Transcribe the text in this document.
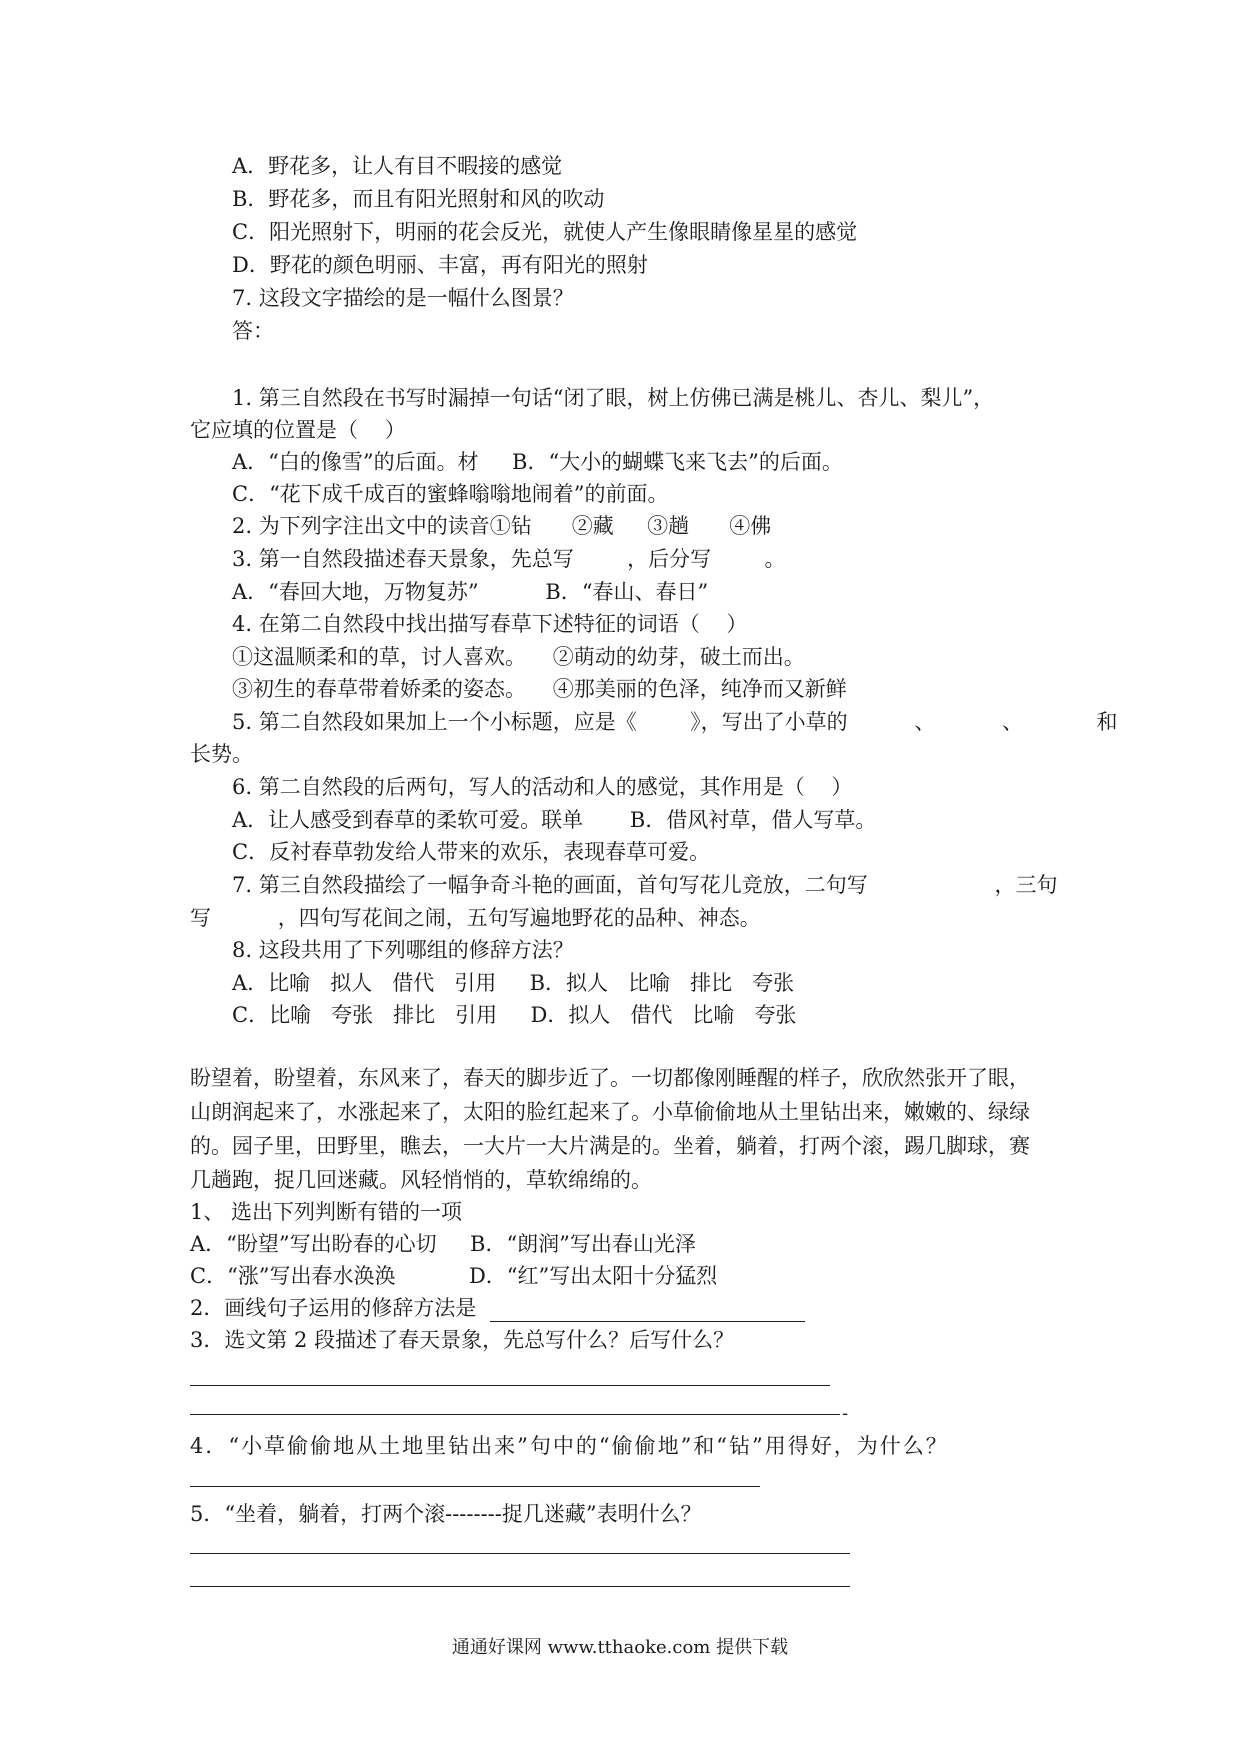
A．野花多，让人有目不暇接的感觉
B．野花多，而且有阳光照射和风的吹动
C．阳光照射下，明丽的花会反光，就使人产生像眼睛像星星的感觉
D．野花的颜色明丽、丰富，再有阳光的照射
7. 这段文字描绘的是一幅什么图景？
答：
1. 第三自然段在书写时漏掉一句话“闭了眼，树上仿佛已满是桃儿、杏儿、梨儿”，
它应填的位置是（    ）
A．“白的像雪”的后面。材     B．“大小的蝴蝶飞来飞去”的后面。
C．“花下成千成百的蜜蜂嗡嗡地闹着”的前面。
2. 为下列字注出文中的读音①钻      ②藏     ③趟      ④佛
3. 第一自然段描述春天景象，先总写        ，后分写        。
A．“春回大地，万物复苏”          B．“春山、春日”
4. 在第二自然段中找出描写春草下述特征的词语（    ）
①这温顺柔和的草，讨人喜欢。    ②萌动的幼芽，破土而出。
③初生的春草带着娇柔的姿态。    ④那美丽的色泽，纯净而又新鲜
5. 第二自然段如果加上一个小标题，应是《        》，写出了小草的          、          、           和
长势。
6. 第二自然段的后两句，写人的活动和人的感觉，其作用是（    ）
A．让人感受到春草的柔软可爱。联单       B．借风衬草，借人写草。
C．反衬春草勃发给人带来的欢乐，表现春草可爱。
7. 第三自然段描绘了一幅争奇斗艳的画面，首句写花儿竞放，二句写                   ，三句
写          ，四句写花间之闹，五句写遍地野花的品种、神态。
8. 这段共用了下列哪组的修辞方法？
A．比喻   拟人   借代   引用     B．拟人   比喻   排比   夸张
C．比喻   夸张   排比   引用     D．拟人   借代   比喻   夸张
盼望着，盼望着，东风来了，春天的脚步近了。一切都像刚睡醒的样子，欣欣然张开了眼，
山朗润起来了，水涨起来了，太阳的脸红起来了。小草偷偷地从土里钻出来，嫩嫩的、绿绿
的。园子里，田野里，瞧去，一大片一大片满是的。坐着，躺着，打两个滚，踢几脚球，赛
几趟跑，捉几回迷藏。风轻悄悄的，草软绵绵的。
1、 选出下列判断有错的一项
A．“盼望”写出盼春的心切     B．“朗润”写出春山光泽
C．“涨”写出春水涣涣           D．“红”写出太阳十分猛烈
2．画线句子运用的修辞方法是
3．选文第 2 段描述了春天景象，先总写什么？后写什么？
-
4．“小草偷偷地从土地里钻出来”句中的“偷偷地”和“钻”用得好，为什么？
5．“坐着，躺着，打两个滚--------捉几迷藏”表明什么？
通通好课网 www.tthaoke.com 提供下载
